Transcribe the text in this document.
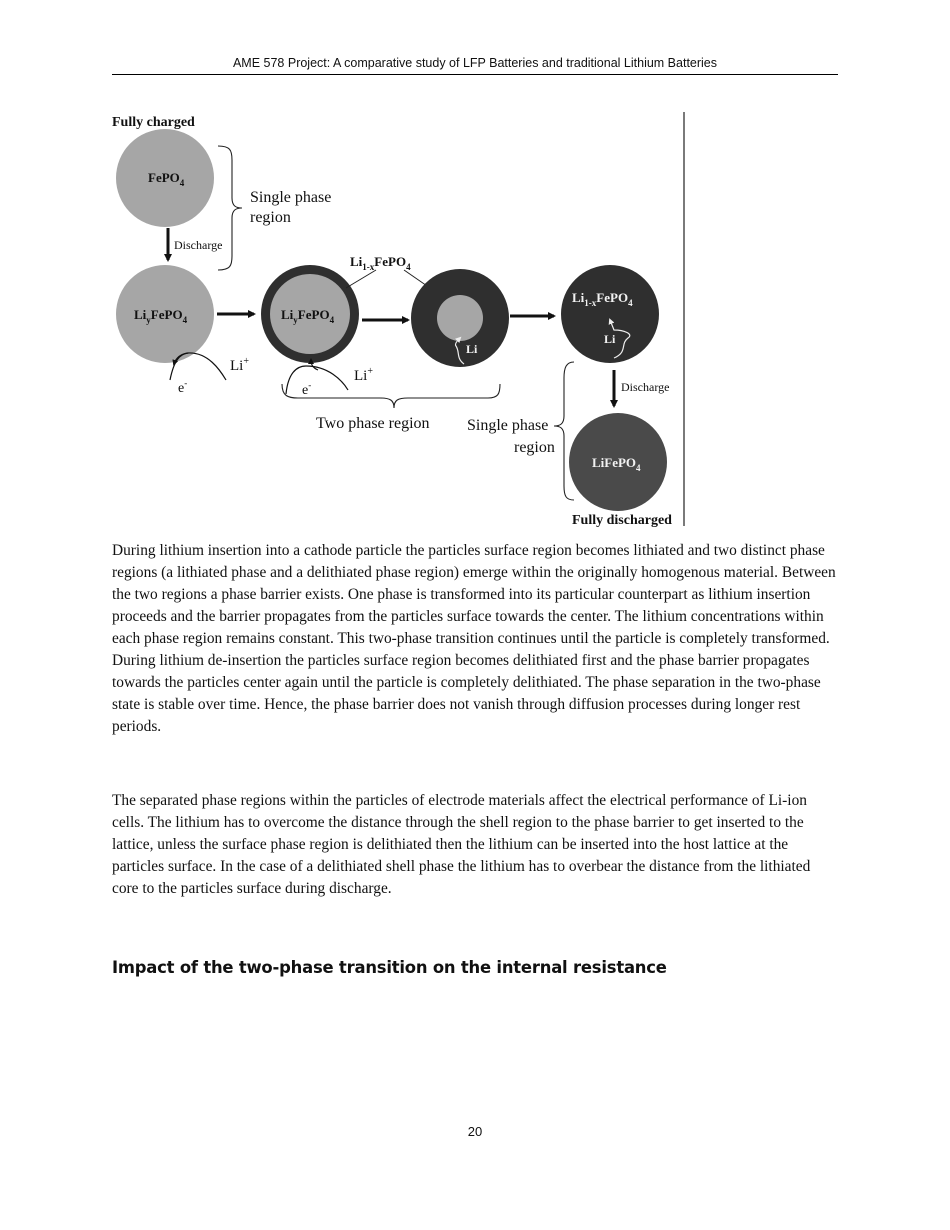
AME 578 Project: A comparative study of LFP Batteries and traditional Lithium Batteries
Fully charged
FePO$_4$
Single phase
region
Discharge
$Li_yFePO_4$
Li+
e-
$Li_yFePO_4$
Li+
e-
$Li_{1-x}FePO_4$
Li
$Li_{1-x}FePO_4$
Li
Discharge
LiFePO$_4$
Single phase
region
Two phase region
Fully discharged

During lithium insertion into a cathode particle the particles surface region becomes lithiated and two distinct phase regions (a lithiated phase and a delithiated phase region) emerge within the originally homogenous material. Between the two regions a phase barrier exists. One phase is transformed into its particular counterpart as lithium insertion proceeds and the barrier propagates from the particles surface towards the center. The lithium concentrations within each phase region remains constant. This two-phase transition continues until the particle is completely transformed. During lithium de-insertion the particles surface region becomes delithiated first and the phase barrier propagates towards the particles center again until the particle is completely delithiated. The phase separation in the two-phase state is stable over time. Hence, the phase barrier does not vanish through diffusion processes during longer rest periods.

The separated phase regions within the particles of electrode materials affect the electrical performance of Li-ion cells. The lithium has to overcome the distance through the shell region to the phase barrier to get inserted to the lattice, unless the surface phase region is delithiated then the lithium can be inserted into the host lattice at the particles surface. In the case of a delithiated shell phase the lithium has to overbear the distance from the lithiated core to the particles surface during discharge.

Impact of the two-phase transition on the internal resistance
20
